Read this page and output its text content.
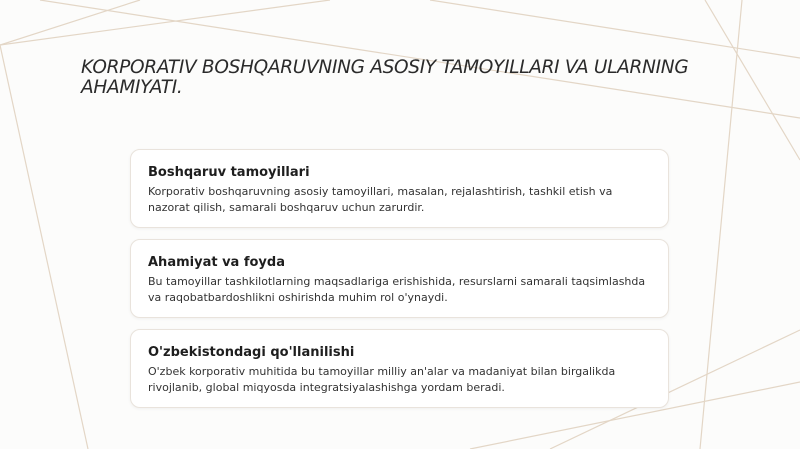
KORPORATIV BOSHQARUVNING ASOSIY TAMOYILLARI VA ULARNING AHAMIYATI.
Boshqaruv tamoyillari

Korporativ boshqaruvning asosiy tamoyillari, masalan, rejalashtirish, tashkil etish va nazorat qilish, samarali boshqaruv uchun zarurdir.

Ahamiyat va foyda

Bu tamoyillar tashkilotlarning maqsadlariga erishishida, resurslarni samarali taqsimlashda va raqobatbardoshlikni oshirishda muhim rol o'ynaydi.

O'zbekistondagi qo'llanilishi

O'zbek korporativ muhitida bu tamoyillar milliy an'alar va madaniyat bilan birgalikda rivojlanib, global miqyosda integratsiyalashishga yordam beradi.
